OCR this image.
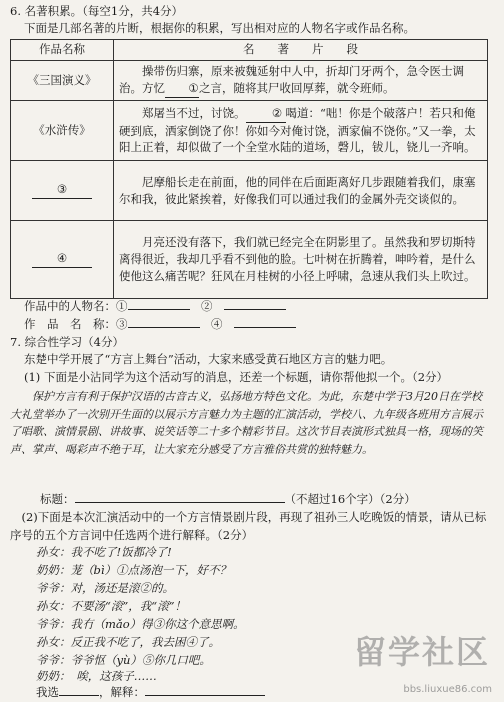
6. 名著积累。（每空1分，共4分）
下面是几部名著的片断，根据你的积累，写出相对应的人物名字或作品名称。
作品名称	名　　著　　片　　段
《三国演义》	操带伤归寨，原来被魏延射中人中，折却门牙两个，急令医士调治。方忆 ①之言，随将其尸收回厚葬，就令班师。
《水浒传》	郑屠当不过，讨饶。 ② 喝道：“咄！你是个破落户！若只和俺硬到底，洒家倒饶了你！你如今对俺讨饶，洒家偏不饶你。”又一拳，太阳上正着，却似做了一个全堂水陆的道场，磬儿，钹儿，铙儿一齐响。
③	尼摩船长走在前面，他的同伴在后面距离好几步跟随着我们，康塞尔和我，彼此紧挨着，好像我们可以通过我们的金属外壳交谈似的。
④	月亮还没有落下，我们就已经完全在阴影里了。虽然我和罗切斯特离得很近，我却几乎看不到他的脸。七叶树在折腾着，呻吟着，是什么使他这么痛苦呢？狂风在月桂树的小径上呼啸，急速从我们头上吹过。
作品中的人物名：①　	②　
作　品　名　称：③　	④　
7. 综合性学习（4分）
东楚中学开展了“方言上舞台”活动，大家来感受黄石地区方言的魅力吧。
(1) 下面是小沾同学为这个活动写的消息，还差一个标题，请你帮他拟一个。（2分）
保护方言有利于保护汉语的古音古义，弘扬地方特色文化。为此，东楚中学于3月20日在学校大礼堂举办了一次别开生面的以展示方言魅力为主题的汇演活动，学校八、九年级各班用方言展示了唱歌、演情景剧、讲故事、说笑话等二十多个精彩节目。这次节目表演形式独具一格，现场的笑声、掌声、喝彩声不绝于耳，让大家充分感受了方言雅俗共赏的独特魅力。
标题：	（不超过16个字）（2分）
(2)下面是本次汇演活动中的一个方言情景剧片段，再现了祖孙三人吃晚饭的情景，请从已标序号的五个方言词中任选两个进行解释。（2分）
孙女：我不吃了!饭都冷了!
奶奶：茏（bì）①点汤泡一下，好不？
爷爷：对，汤还是滚②的。
孙女：不要汤“滚”，我“滚”！
爷爷：我冇（mǎo）得③你这个意思啊。
孙女：反正我不吃了，我去困④了。
爷爷：爷爷怄（yù）⑤你几口吧。
奶奶：　唉，这孩子……
我选	，解释：
留学社区
bbs.liuxue86.com
